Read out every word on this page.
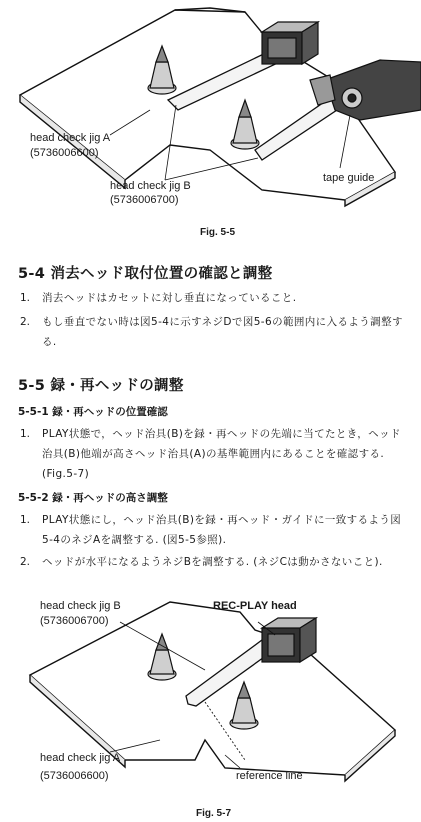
head check jig A
(5736006600)
head check jig B
(5736006700)
tape guide
Fig. 5-5
5-4 消去ヘッド取付位置の確認と調整
1. 消去ヘッドはカセットに対し垂直になっていること.
2. もし垂直でない時は図5-4に示すネジDで図5-6の範囲内に入るよう調整する.
5-5 録・再ヘッドの調整
5-5-1 録・再ヘッドの位置確認
1. PLAY状態で，ヘッド治具(B)を録・再ヘッドの先端に当てたとき，ヘッド治具(B)他端が高さヘッド治具(A)の基準範囲内にあることを確認する. (Fig.5-7)
5-5-2 録・再ヘッドの高さ調整
1. PLAY状態にし，ヘッド治具(B)を録・再ヘッド・ガイドに一致するよう図5-4のネジAを調整する. (図5-5参照).
2. ヘッドが水平になるようネジBを調整する. (ネジCは動かさないこと).
head check jig B
(5736006700)
REC-PLAY head
head check jig A
(5736006600)	reference line
Fig. 5-7
